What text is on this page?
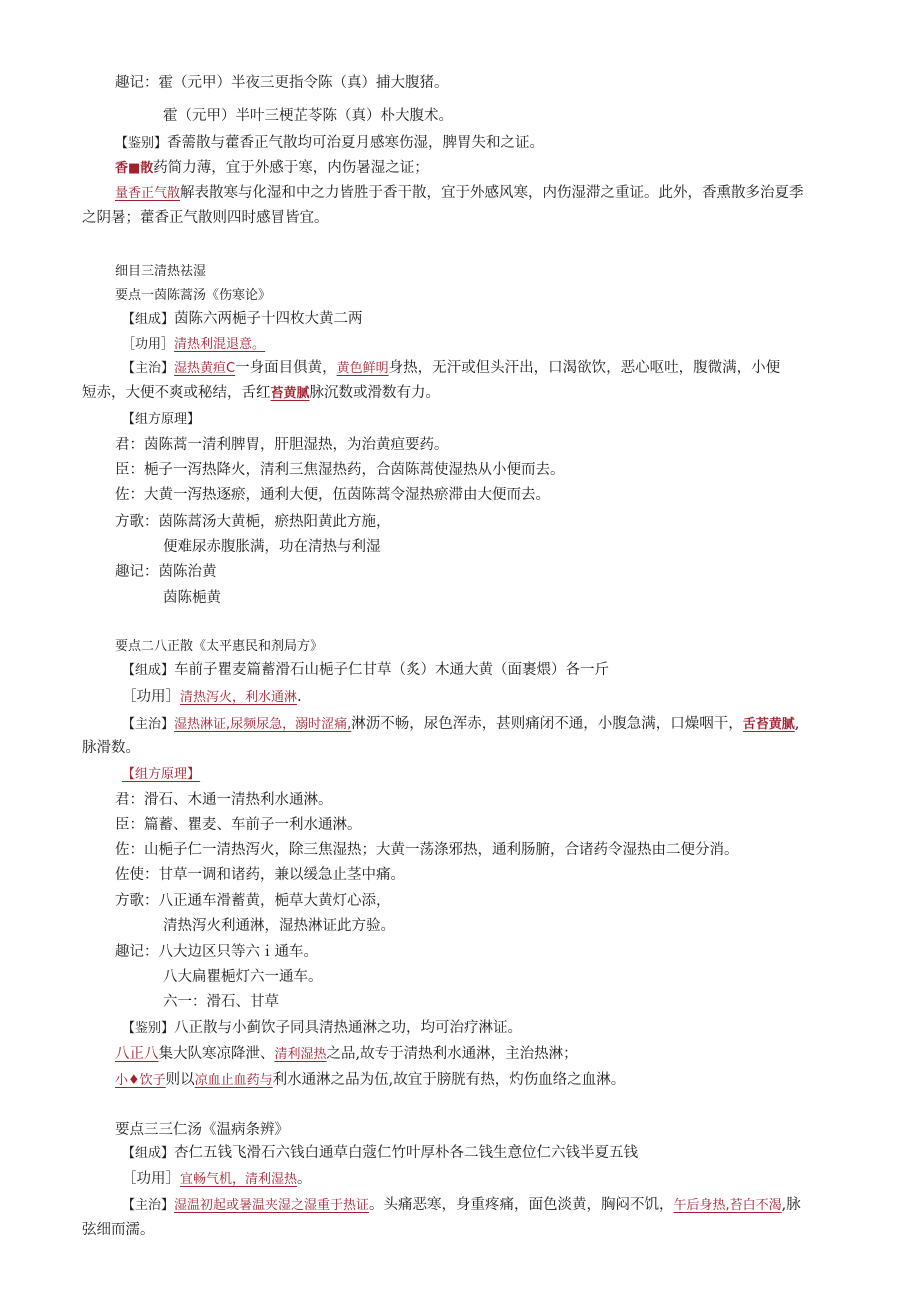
趣记：霍（元甲）半夜三更指令陈（真）捕大腹猪。
霍（元甲）半叶三梗芷苓陈（真）朴大腹术。
【鉴别】香薷散与藿香正气散均可治夏月感寒伤湿，脾胃失和之证。
香■散药简力薄，宜于外感于寒，内伤暑湿之证；
量香正气散解表散寒与化湿和中之力皆胜于香干散，宜于外感风寒，内伤湿滞之重证。此外，香熏散多治夏季
之阴暑；藿香正气散则四时感冒皆宜。
细目三清热祛湿
要点一茵陈蒿汤《伤寒论》
【组成】茵陈六两梔子十四枚大黄二两
［功用］清热利混退意。
【主治】湿热黄疸C一身面目俱黄，黄色鲜明身热，无汗或但头汗出，口渴欲饮，恶心呕吐，腹微满，小便
短赤，大便不爽或秘结，舌红苔黄腻脉沉数或滑数有力。
【组方原理】
君：茵陈蒿一清利脾胃，肝胆湿热，为治黄疸要药。
臣：梔子一泻热降火，清利三焦湿热药，合茵陈蒿使湿热从小便而去。
佐：大黄一泻热逐瘀，通利大便，伍茵陈蒿令湿热瘀滞由大便而去。
方歌：茵陈蒿汤大黄梔，瘀热阳黄此方施，
便难尿赤腹胀满，功在清热与利湿
趣记：茵陈治黄
茵陈梔黄
要点二八正散《太平惠民和剂局方》
【组成】车前子瞿麦篇蓄滑石山梔子仁甘草（炙）木通大黄（面裹煨）各一斤
［功用］清热泻火，利水通淋.
【主治】湿热淋证,尿频尿急，溺时涩痛,淋沥不畅，尿色浑赤，甚则痛闭不通，小腹急满，口燥咽干，舌苔黄腻,
脉滑数。
【组方原理】
君：滑石、木通一清热利水通淋。
臣：篇蓄、瞿麦、车前子一利水通淋。
佐：山梔子仁一清热泻火，除三焦湿热；大黄一荡涤邪热，通利肠腑，合诸药令湿热由二便分消。
佐使：甘草一调和诸药，兼以缓急止茎中痛。
方歌：八正通车滑蓄黄，梔草大黄灯心添，
清热泻火利通淋，湿热淋证此方验。
趣记：八大边区只等六ｉ通车。
八大扁瞿梔灯六一通车。
六一：滑石、甘草
【鉴别】八正散与小蓟饮子同具清热通淋之功，均可治疗淋证。
八正八集大队寒凉降泄、清利湿热之品,故专于清热利水通淋，主治热淋；
小♦饮子则以凉血止血药与利水通淋之品为伍,故宜于膀胱有热，灼伤血络之血淋。
要点三三仁汤《温病条辨》
【组成】杏仁五钱飞滑石六钱白通草白蔻仁竹叶厚朴各二钱生意位仁六钱半夏五钱
［功用］宜畅气机，清利湿热。
【主治】湿温初起或暑温夹湿之湿重于热证。头痛恶寒，身重疼痛，面色淡黄，胸闷不饥，午后身热,苔白不渴,脉
弦细而濡。
